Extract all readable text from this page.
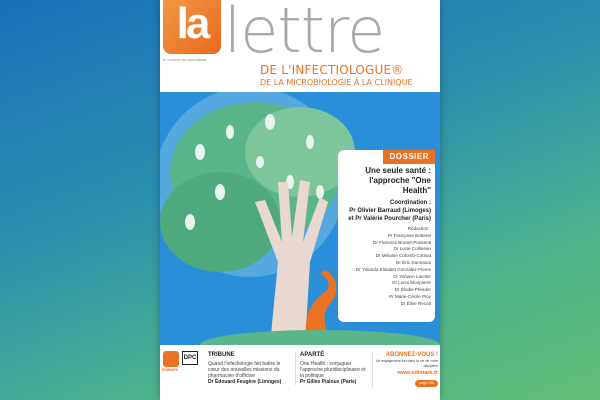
la
le courrier du spécialiste lettre
DE L'INFECTIOLOGUE®
DE LA MICROBIOLOGIE À LA CLINIQUE
DOSSIER
Une seule santé :
l'approche "One Health"
Coordination :
Pr Olivier Barraud (Limoges)
et Pr Valérie Pourcher (Paris)
Rédaction :
Pr Françoise Botterel
Dr Florence Brunet-Possenti
Dr Lucie Collineau
Dr Mélanie Colomb-Cotinat
Dr Éric Dannaoui
Dr Yolanda Elisabet González-Flores
Dr Yohann Lacotte
Dr Lorra Monpierre
Dr Élodie Pfender
Pr Marie-Cécile Ploy
Dr Élise Recalt
EDIMARK
DPC TRIBUNE
Quand l'infectiologie fait battre le cœur des nouvelles missions du pharmacien d'officine
Dr Édouard Feugère (Limoges)
APARTÉ
One Health : conjuguer l'approche pluridisciplinaire et la politique
Pr Gilles Pialoux (Paris)
ABONNEZ-VOUS !
Un engagement fort dans la vie de votre discipline
www.edimark.fr
page 230
